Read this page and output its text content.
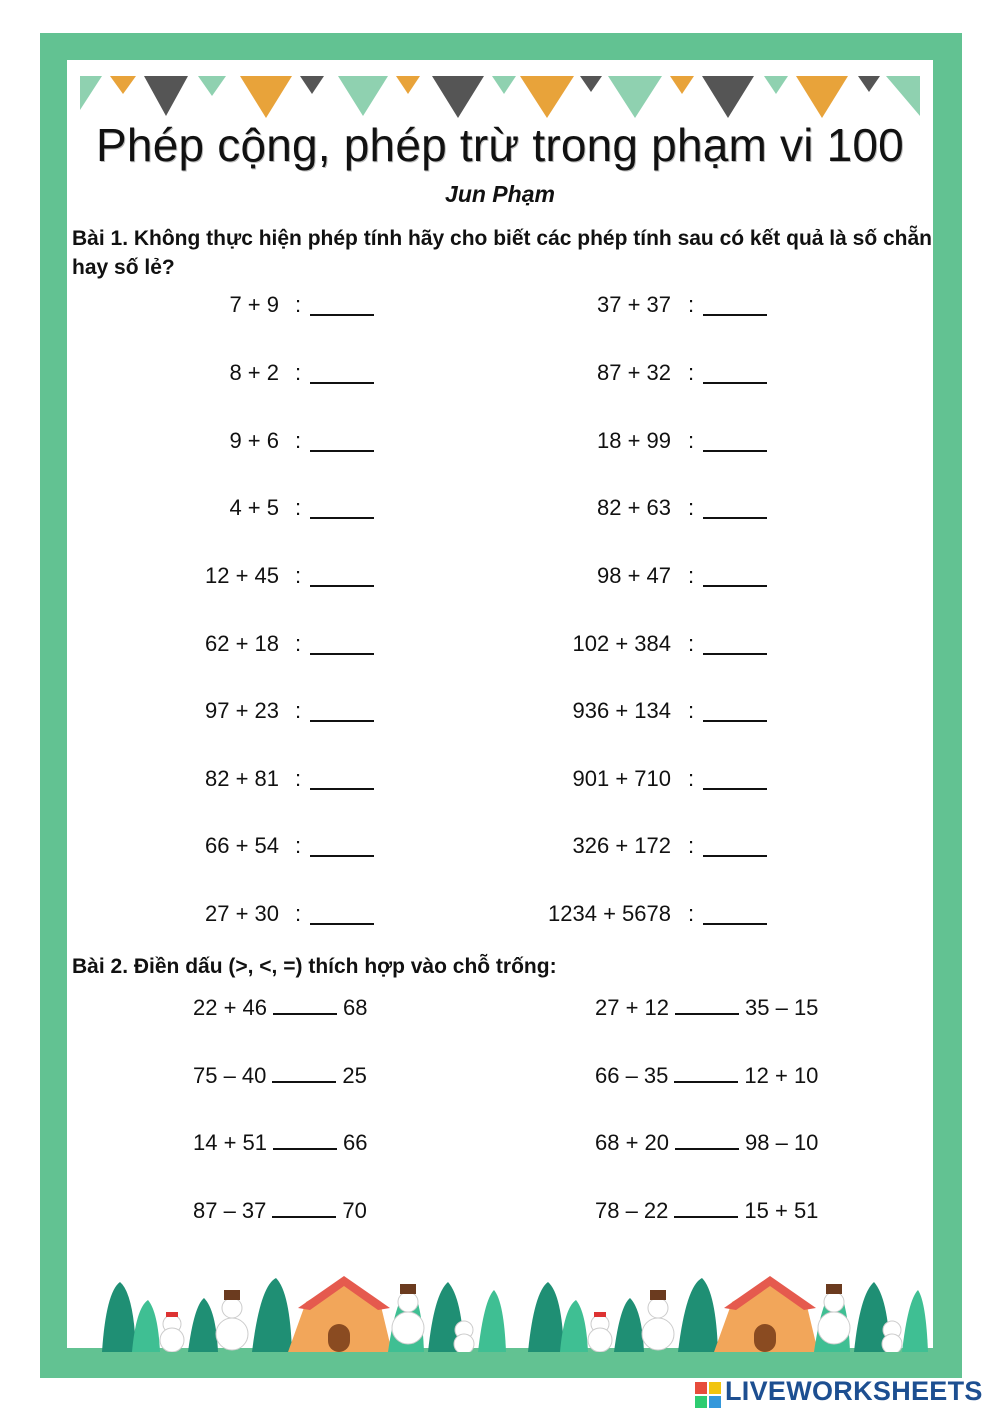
Phép cộng, phép trừ trong phạm vi 100
Jun Phạm
Bài 1. Không thực hiện phép tính hãy cho biết các phép tính sau có kết quả là số chẵn hay số lẻ?
7 + 9 :
8 + 2 :
9 + 6 :
4 + 5 :
12 + 45 :
62 + 18 :
97 + 23 :
82 + 81 :
66 + 54 :
27 + 30 :
37 + 37 :
87 + 32 :
18 + 99 :
82 + 63 :
98 + 47 :
102 + 384 :
936 + 134 :
901 + 710 :
326 + 172 :
1234 + 5678 :
Bài 2. Điền dấu (>, <, =) thích hợp vào chỗ trống:
22 + 46	68
75 – 40	25
14 + 51	66
87 – 37	70
27 + 12	35 – 15
66 – 35	12 + 10
68 + 20	98 – 10
78 – 22	15 + 51
LIVEWORKSHEETS
